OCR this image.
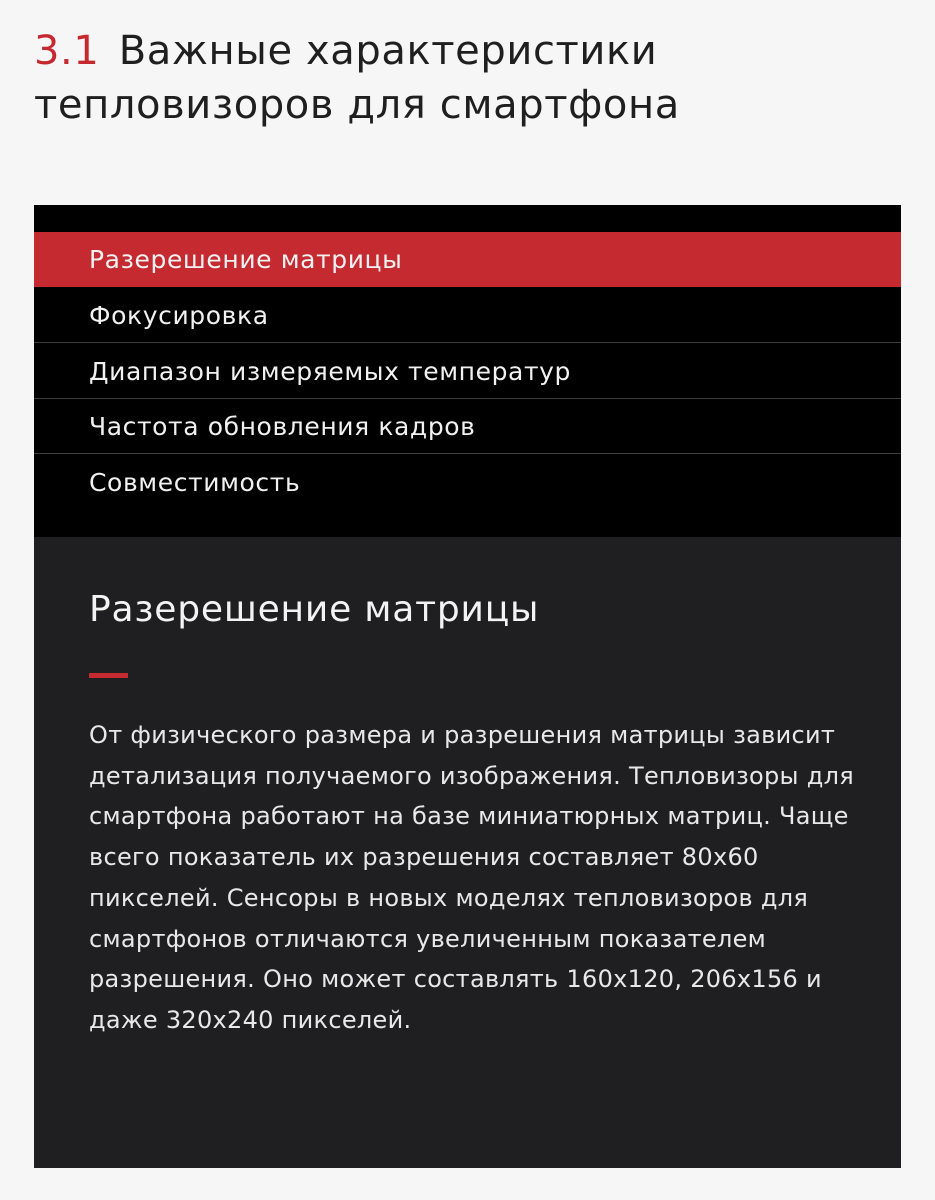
3.1 Важные характеристики тепловизоров для смартфона
Разерешение матрицы
Фокусировка
Диапазон измеряемых температур
Частота обновления кадров
Совместимость
Разерешение матрицы

От физического размера и разрешения матрицы зависит детализация получаемого изображения. Тепловизоры для смартфона работают на базе миниатюрных матриц. Чаще всего показатель их разрешения составляет 80х60 пикселей. Сенсоры в новых моделях тепловизоров для смартфонов отличаются увеличенным показателем разрешения. Оно может составлять 160х120, 206х156 и даже 320х240 пикселей.
